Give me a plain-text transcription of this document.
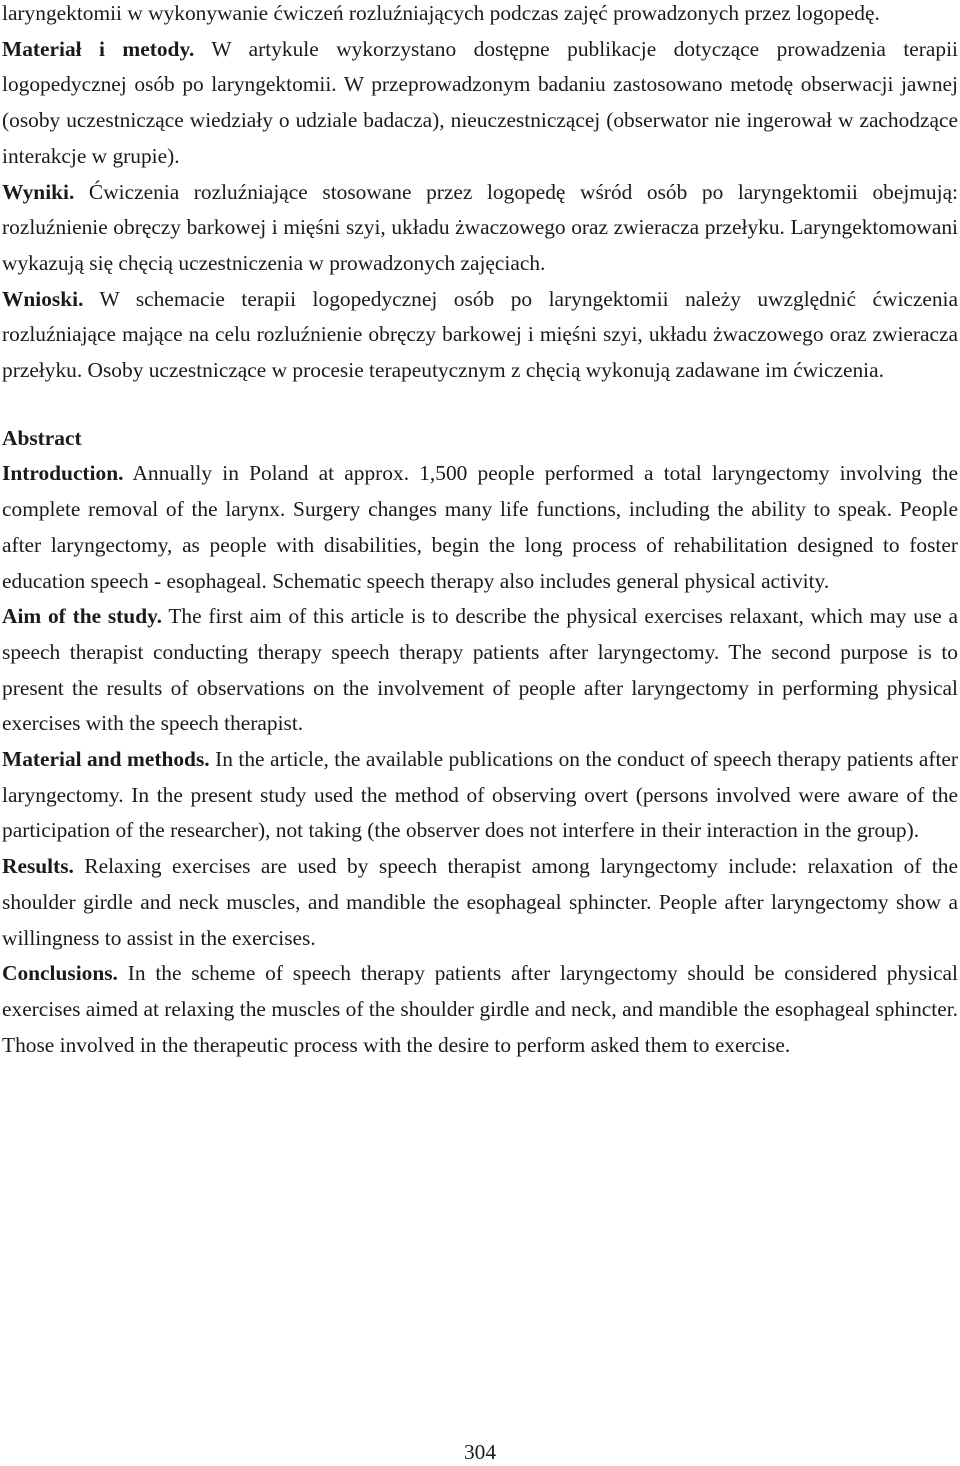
laryngektomii w wykonywanie ćwiczeń rozluźniających podczas zajęć prowadzonych przez logopedę.

Materiał i metody. W artykule wykorzystano dostępne publikacje dotyczące prowadzenia terapii logopedycznej osób po laryngektomii. W przeprowadzonym badaniu zastosowano metodę obserwacji jawnej (osoby uczestniczące wiedziały o udziale badacza), nieuczestniczącej (obserwator nie ingerował w zachodzące interakcje w grupie).

Wyniki. Ćwiczenia rozluźniające stosowane przez logopedę wśród osób po laryngektomii obejmują: rozluźnienie obręczy barkowej i mięśni szyi, układu żwaczowego oraz zwieracza przełyku. Laryngektomowani wykazują się chęcią uczestniczenia w prowadzonych zajęciach.

Wnioski. W schemacie terapii logopedycznej osób po laryngektomii należy uwzględnić ćwiczenia rozluźniające mające na celu rozluźnienie obręczy barkowej i mięśni szyi, układu żwaczowego oraz zwieracza przełyku. Osoby uczestniczące w procesie terapeutycznym z chęcią wykonują zadawane im ćwiczenia.

Abstract

Introduction. Annually in Poland at approx. 1,500 people performed a total laryngectomy involving the complete removal of the larynx. Surgery changes many life functions, including the ability to speak. People after laryngectomy, as people with disabilities, begin the long process of rehabilitation designed to foster education speech - esophageal. Schematic speech therapy also includes general physical activity.

Aim of the study. The first aim of this article is to describe the physical exercises relaxant, which may use a speech therapist conducting therapy speech therapy patients after laryngectomy. The second purpose is to present the results of observations on the involvement of people after laryngectomy in performing physical exercises with the speech therapist.

Material and methods. In the article, the available publications on the conduct of speech therapy patients after laryngectomy. In the present study used the method of observing overt (persons involved were aware of the participation of the researcher), not taking (the observer does not interfere in their interaction in the group).

Results. Relaxing exercises are used by speech therapist among laryngectomy include: relaxation of the shoulder girdle and neck muscles, and mandible the esophageal sphincter. People after laryngectomy show a willingness to assist in the exercises.

Conclusions. In the scheme of speech therapy patients after laryngectomy should be considered physical exercises aimed at relaxing the muscles of the shoulder girdle and neck, and mandible the esophageal sphincter. Those involved in the therapeutic process with the desire to perform asked them to exercise.

304
